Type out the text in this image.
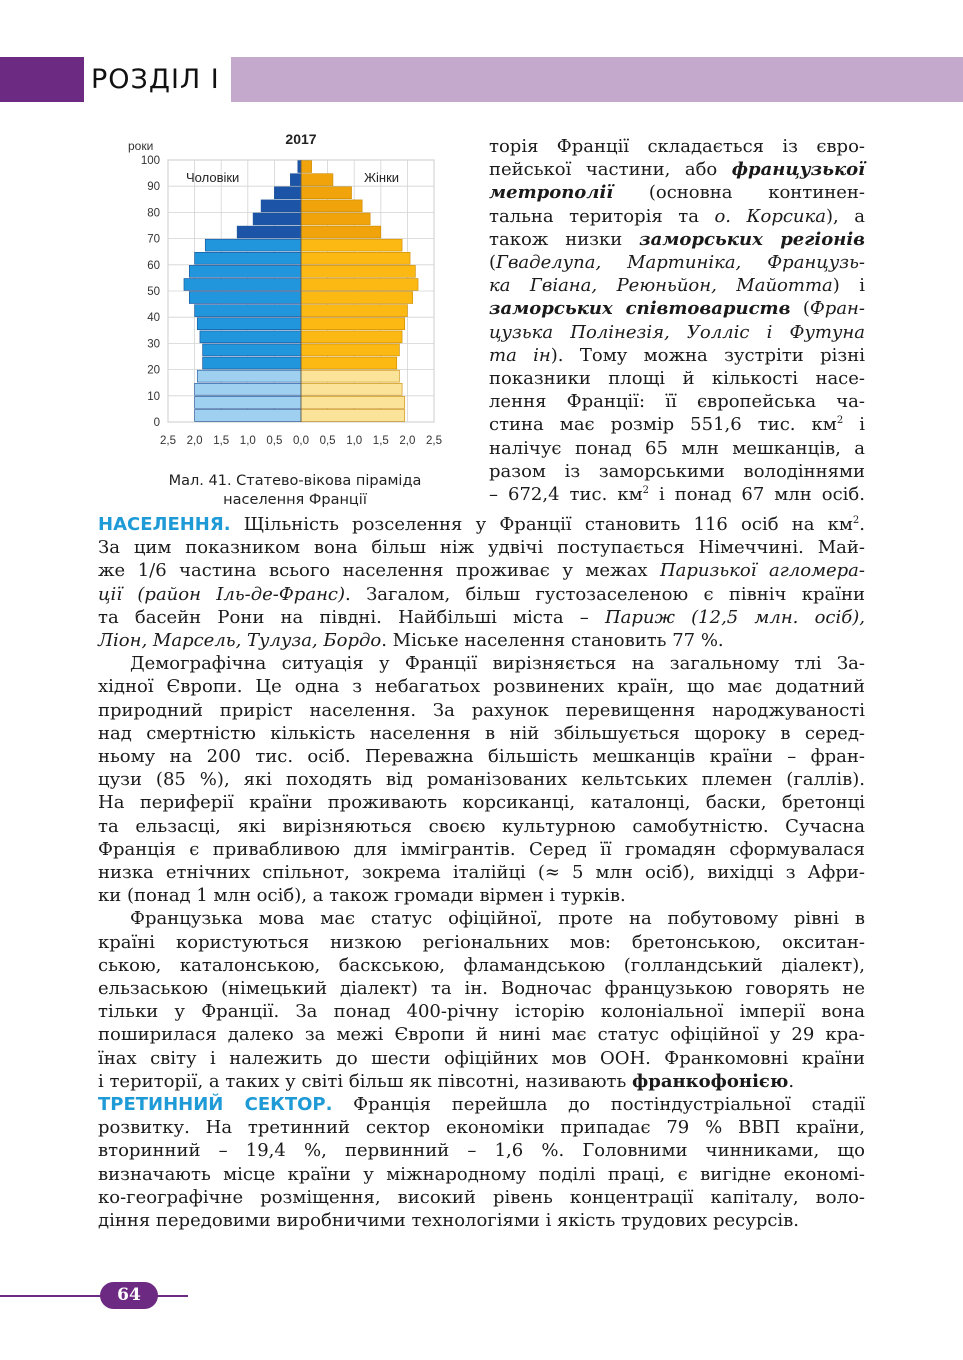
РОЗДІЛ I
2,5 2,0 1,5 1,0 0,5 0,0 0,5 1,0 1,5 2,0 2,5
0
10
20
30
40
50
60
70
80
90
100
2017
роки
Чоловіки	Жінки
Мал. 41. Статево-вікова піраміда
населення Франції
торія Франції складається із євро-
пейської частини, або французької
метрополії (основна континен-
тальна територія та о. Корсика), а
також низки заморських регіонів
(Гваделупа, Мартиніка, Французь-
ка Гвіана, Реюньйон, Майотта) і
заморських співтовариств (Фран-
цузька Полінезія, Уолліс і Футуна
та ін). Тому можна зустріти різні
показники площі й кількості насе-
лення Франції: її європейська ча-
стина має розмір 551,6 тис. $км^2$ і
налічує понад 65 млн мешканців, а
разом із заморськими володіннями
– 672,4 тис. $км^2$ і понад 67 млн осіб.
НАСЕЛЕННЯ. Щільність розселення у Франції становить 116 осіб на $км^2$.
За цим показником вона більш ніж удвічі поступається Німеччині. Май-
же 1/6 частина всього населення проживає у межах Паризької агломера-
ції (район Іль-де-Франс). Загалом, більш густозаселеною є північ країни
та басейн Рони на півдні. Найбільші міста – Париж (12,5 млн. осіб),
Ліон, Марсель, Тулуза, Бордо. Міське населення становить 77 %.
Демографічна ситуація у Франції вирізняється на загальному тлі За-
хідної Європи. Це одна з небагатьох розвинених країн, що має додатний
природний приріст населення. За рахунок перевищення народжуваності
над смертністю кількість населення в ній збільшується щороку в серед-
ньому на 200 тис. осіб. Переважна більшість мешканців країни – фран-
цузи (85 %), які походять від романізованих кельтських племен (галлів).
На периферії країни проживають корсиканці, каталонці, баски, бретонці
та ельзасці, які вирізняються своєю культурною самобутністю. Сучасна
Франція є привабливою для іммігрантів. Серед її громадян сформувалася
низка етнічних спільнот, зокрема італійці (≈ 5 млн осіб), вихідці з Афри-
ки (понад 1 млн осіб), а також громади вірмен і турків.
Французька мова має статус офіційної, проте на побутовому рівні в
країні користуються низкою регіональних мов: бретонською, окситан-
ською, каталонською, баскською, фламандською (голландський діалект),
ельзаською (німецький діалект) та ін. Водночас французькою говорять не
тільки у Франції. За понад 400-річну історію колоніальної імперії вона
поширилася далеко за межі Європи й нині має статус офіційної у 29 кра-
їнах світу і належить до шести офіційних мов ООН. Франкомовні країни
і території, а таких у світі більш як півсотні, називають франкофонією.
ТРЕТИННИЙ СЕКТОР. Франція перейшла до постіндустріальної стадії
розвитку. На третинний сектор економіки припадає 79 % ВВП країни,
вторинний – 19,4 %, первинний – 1,6 %. Головними чинниками, що
визначають місце країни у міжнародному поділі праці, є вигідне економі-
ко-географічне розміщення, високий рівень концентрації капіталу, воло-
діння передовими виробничими технологіями і якість трудових ресурсів.
64
